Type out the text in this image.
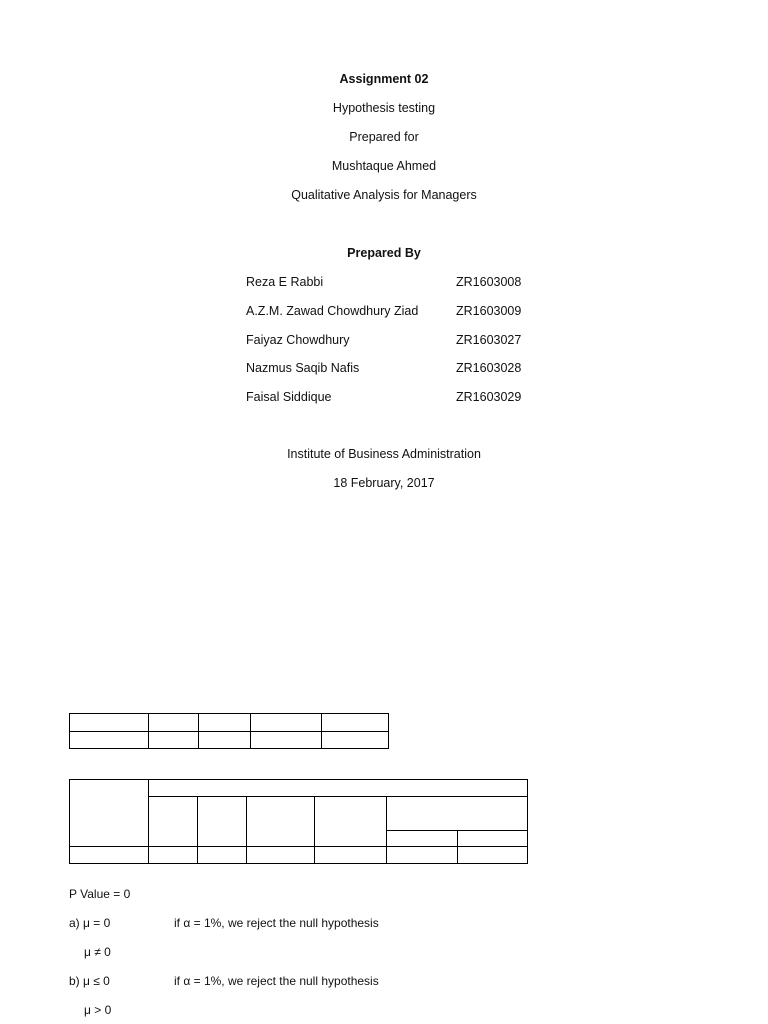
Assignment 02
Hypothesis testing
Prepared for
Mushtaque Ahmed
Qualitative Analysis for Managers
Prepared By
Reza E Rabbi	ZR1603008
A.Z.M. Zawad Chowdhury Ziad	ZR1603009
Faiyaz Chowdhury	ZR1603027
Nazmus Saqib Nafis	ZR1603028
Faisal Siddique	ZR1603029
Institute of Business Administration
18 February, 2017

P Value = 0
a) μ = 0	if α = 1%, we reject the null hypothesis
μ ≠ 0
b) μ ≤ 0	if α = 1%, we reject the null hypothesis
μ > 0
